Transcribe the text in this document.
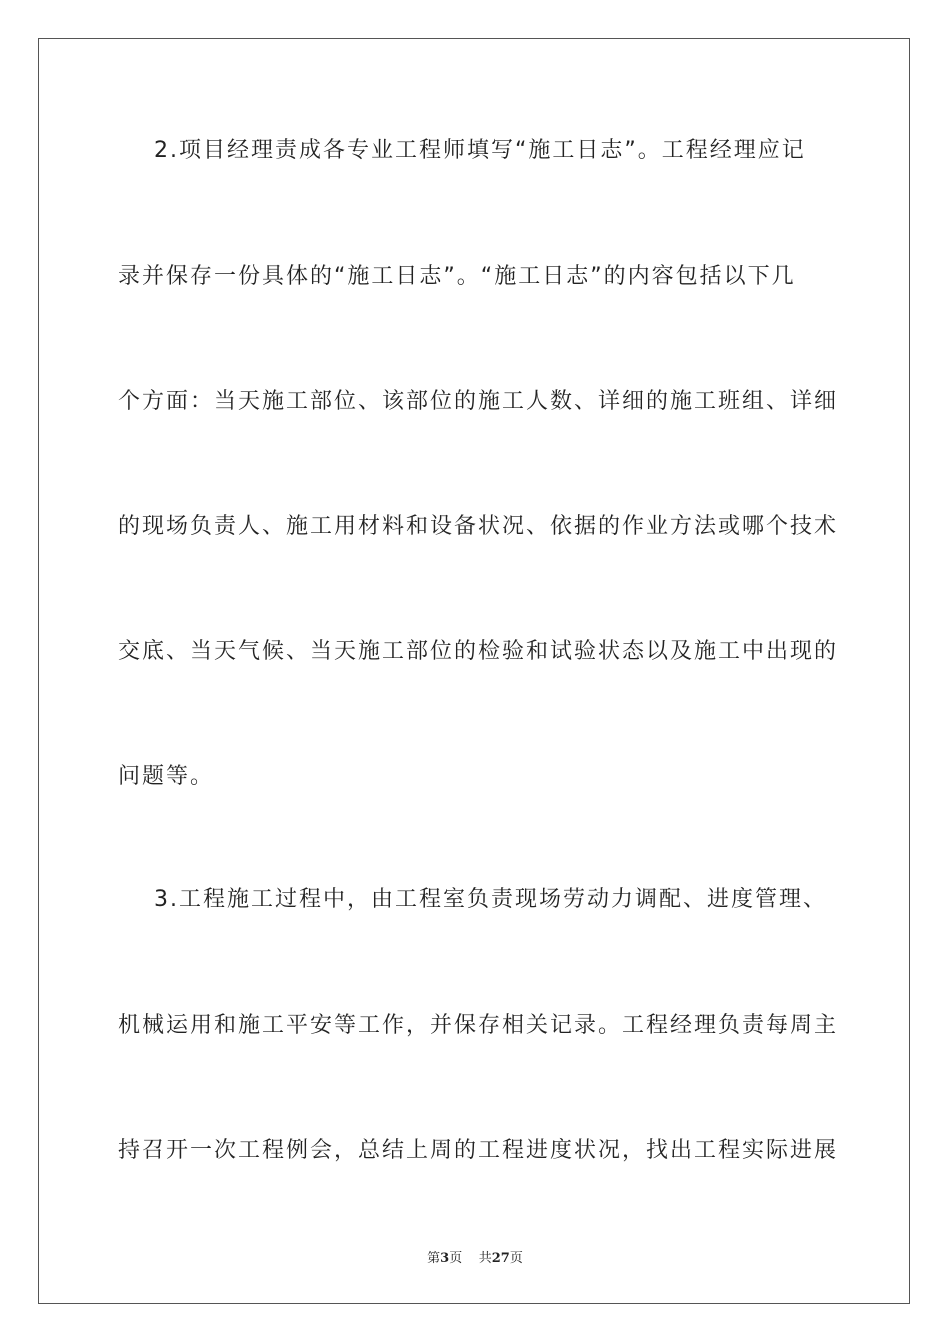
2.项目经理责成各专业工程师填写“施工日志”。工程经理应记
录并保存一份具体的“施工日志”。“施工日志”的内容包括以下几
个方面：当天施工部位、该部位的施工人数、详细的施工班组、详细
的现场负责人、施工用材料和设备状况、依据的作业方法或哪个技术
交底、当天气候、当天施工部位的检验和试验状态以及施工中出现的
问题等。
3.工程施工过程中，由工程室负责现场劳动力调配、进度管理、
机械运用和施工平安等工作，并保存相关记录。工程经理负责每周主
持召开一次工程例会，总结上周的工程进度状况，找出工程实际进展
第3页 共27页
